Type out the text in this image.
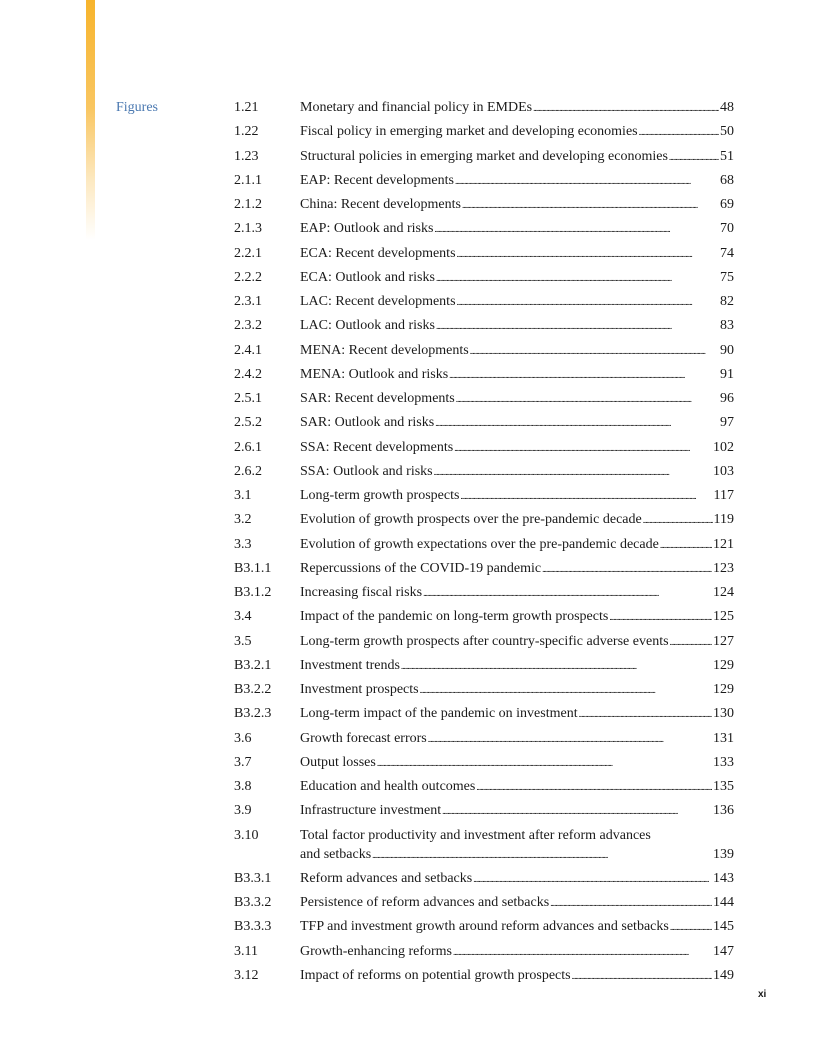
Figures	1.21	Monetary and financial policy in EMDEs . . .	48
1.22	Fiscal policy in emerging market and developing economies . . .	50
1.23	Structural policies in emerging market and developing economies . . .	51
2.1.1	EAP: Recent developments . . .	68
2.1.2	China: Recent developments . . .	69
2.1.3	EAP: Outlook and risks . . .	70
2.2.1	ECA: Recent developments . . .	74
2.2.2	ECA: Outlook and risks . . .	75
2.3.1	LAC: Recent developments . . .	82
2.3.2	LAC: Outlook and risks . . .	83
2.4.1	MENA: Recent developments . . .	90
2.4.2	MENA: Outlook and risks . . .	91
2.5.1	SAR: Recent developments . . .	96
2.5.2	SAR: Outlook and risks . . .	97
2.6.1	SSA: Recent developments . . .	102
2.6.2	SSA: Outlook and risks . . .	103
3.1	Long-term growth prospects . . .	117
3.2	Evolution of growth prospects over the pre-pandemic decade . . .	119
3.3	Evolution of growth expectations over the pre-pandemic decade . . .	121
B3.1.1	Repercussions of the COVID-19 pandemic . . .	123
B3.1.2	Increasing fiscal risks . . .	124
3.4	Impact of the pandemic on long-term growth prospects . . .	125
3.5	Long-term growth prospects after country-specific adverse events . . .	127
B3.2.1	Investment trends . . .	129
B3.2.2	Investment prospects . . .	129
B3.2.3	Long-term impact of the pandemic on investment . . .	130
3.6	Growth forecast errors . . .	131
3.7	Output losses . . .	133
3.8	Education and health outcomes . . .	135
3.9	Infrastructure investment . . .	136
3.10	Total factor productivity and investment after reform advances
and setbacks . . .	139
B3.3.1	Reform advances and setbacks . . .	143
B3.3.2	Persistence of reform advances and setbacks . . .	144
B3.3.3	TFP and investment growth around reform advances and setbacks . . .	145
3.11	Growth-enhancing reforms . . .	147
3.12	Impact of reforms on potential growth prospects . . .	149
xi
